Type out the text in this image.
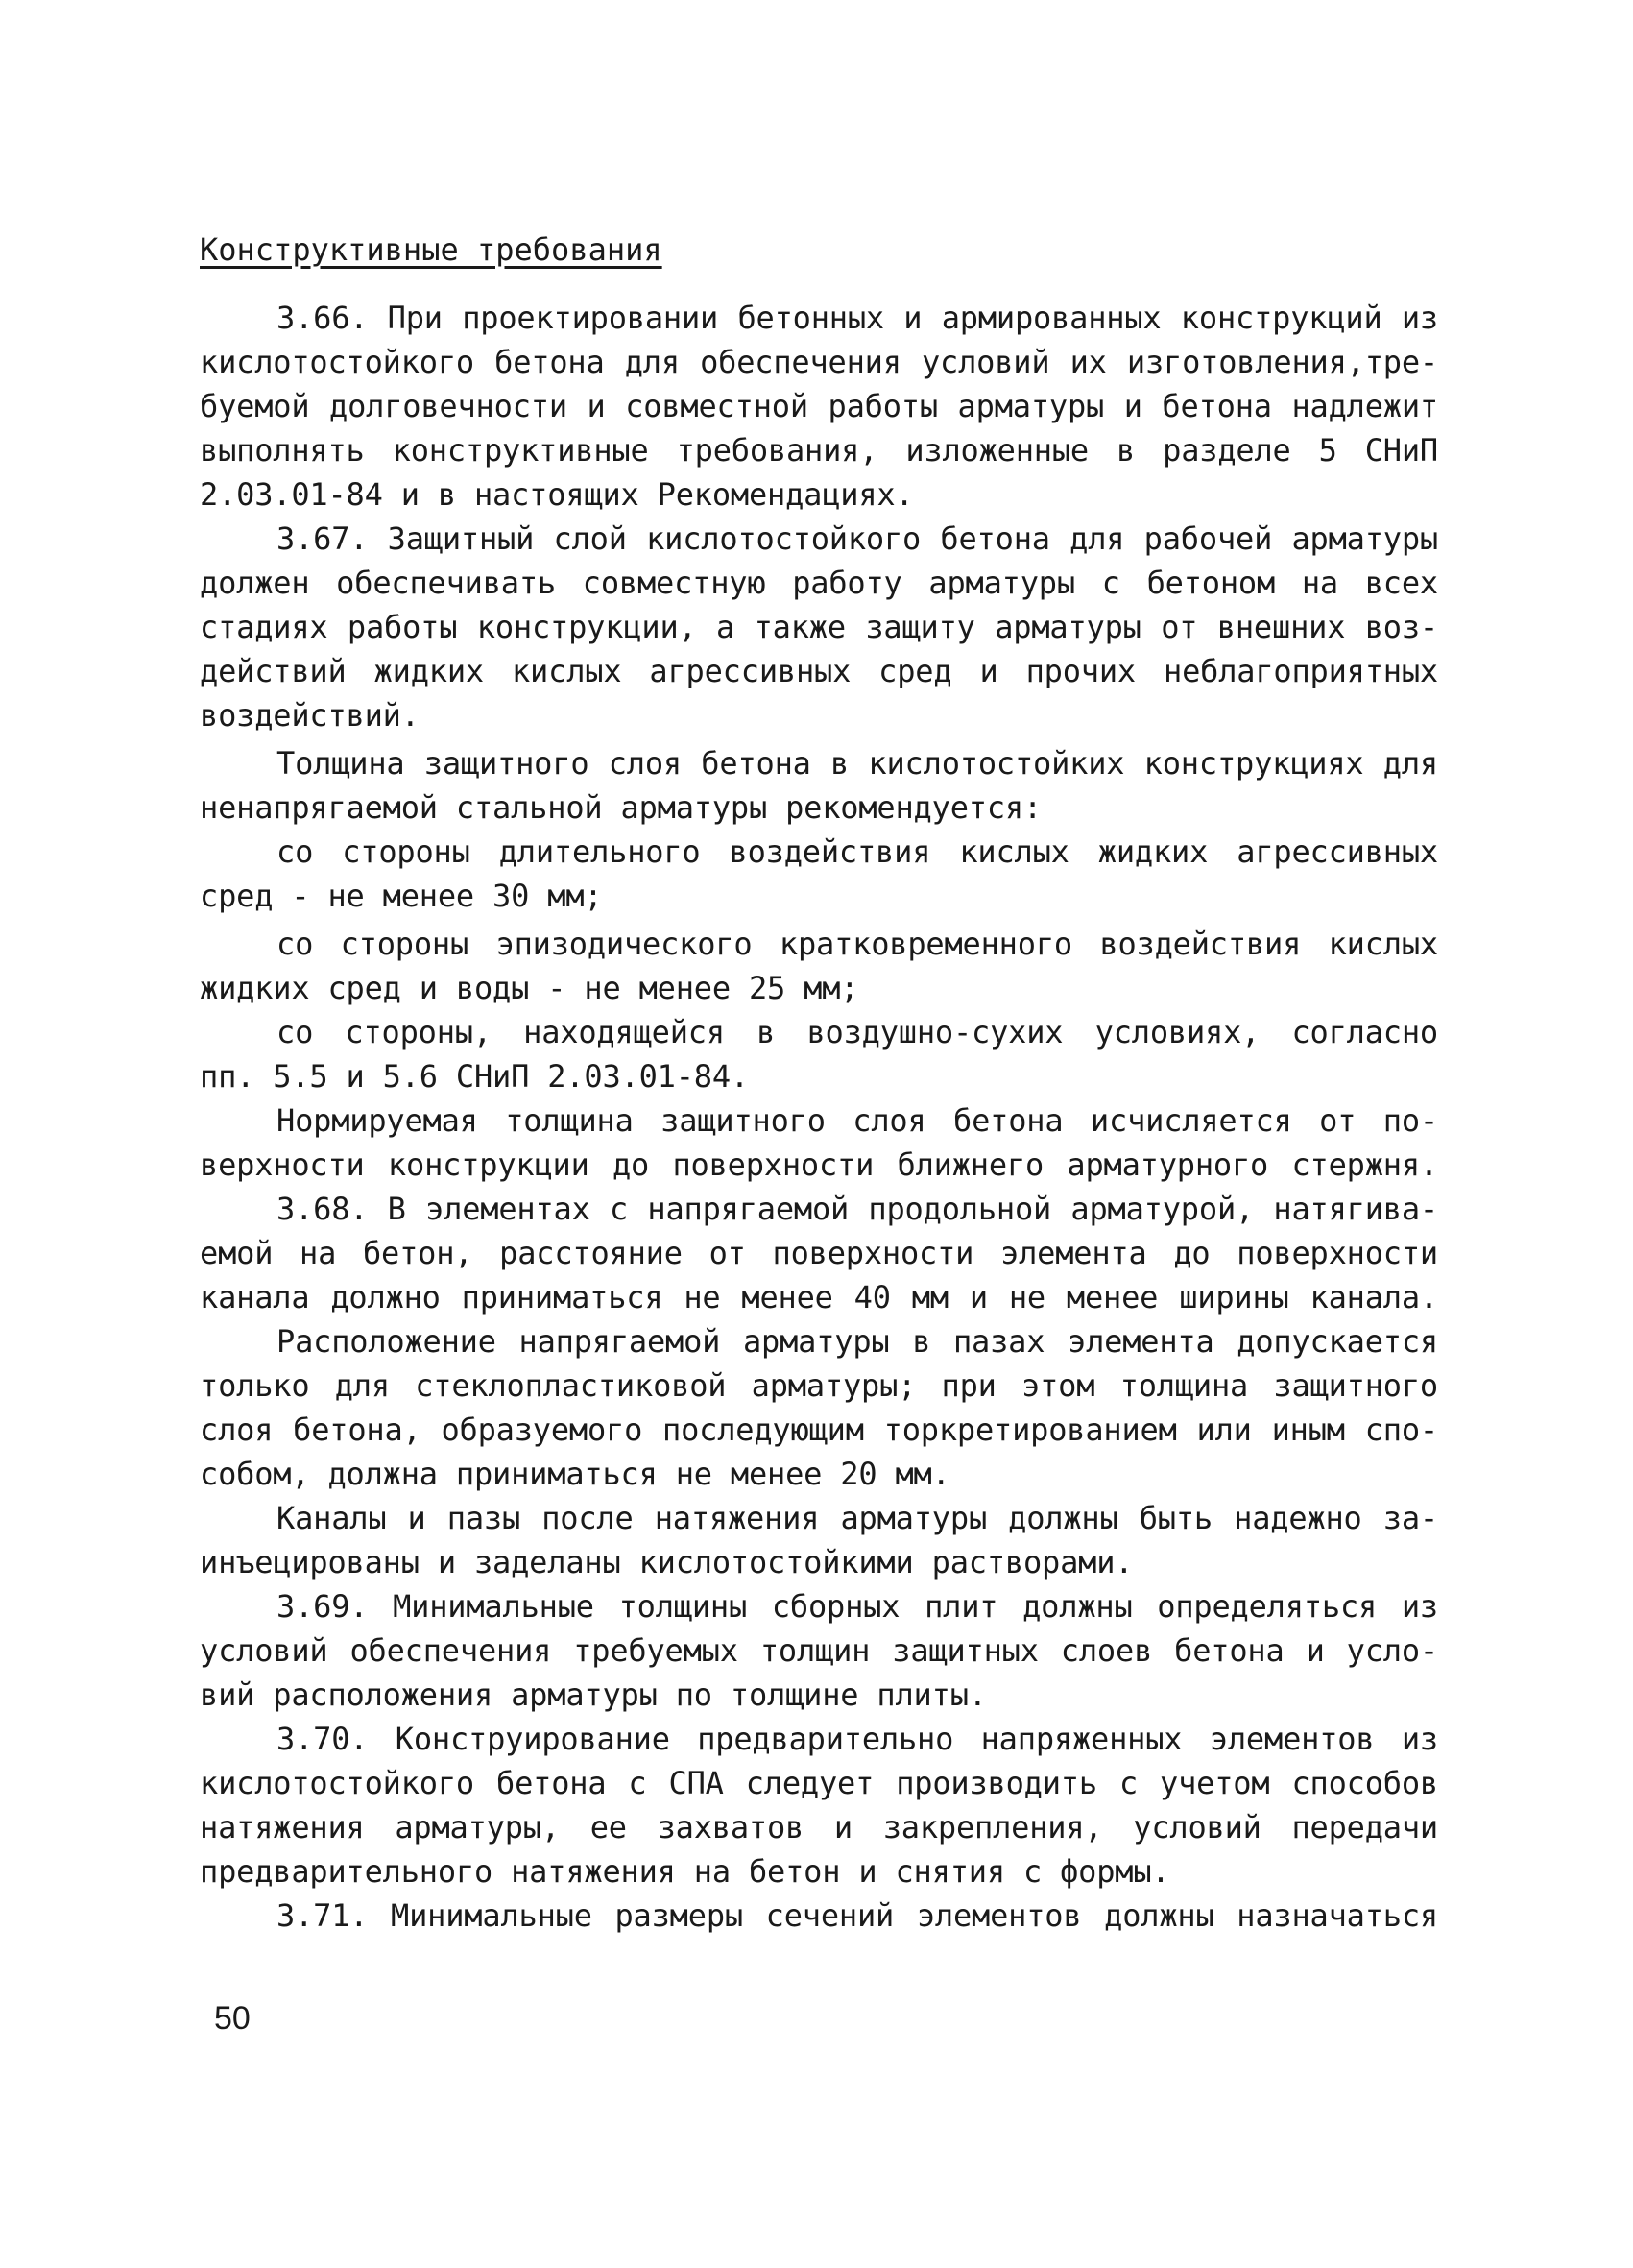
Конструктивные требования
3.66. При проектировании бетонных и армированных конструкций из
кислотостойкого бетона для обеспечения условий их изготовления,тре-
буемой долговечности и совместной работы арматуры и бетона надлежит
выполнять конструктивные требования, изложенные в разделе 5 СНиП
2.03.01-84 и в настоящих Рекомендациях.
3.67. Защитный слой кислотостойкого бетона для рабочей арматуры
должен обеспечивать совместную работу арматуры с бетоном на всех
стадиях работы конструкции, а также защиту арматуры от внешних воз-
действий жидких кислых агрессивных сред и прочих неблагоприятных
воздействий.
Толщина защитного слоя бетона в кислотостойких конструкциях для
ненапрягаемой стальной арматуры рекомендуется:
со стороны длительного воздействия кислых жидких агрессивных
сред - не менее 30 мм;
со стороны эпизодического кратковременного воздействия кислых
жидких сред и воды - не менее 25 мм;
со стороны, находящейся в воздушно-сухих условиях, согласно
пп. 5.5 и 5.6 СНиП 2.03.01-84.
Нормируемая толщина защитного слоя бетона исчисляется от по-
верхности конструкции до поверхности ближнего арматурного стержня.
3.68. В элементах с напрягаемой продольной арматурой, натягива-
емой на бетон, расстояние от поверхности элемента до поверхности
канала должно приниматься не менее 40 мм и не менее ширины канала.
Расположение напрягаемой арматуры в пазах элемента допускается
только для стеклопластиковой арматуры; при этом толщина защитного
слоя бетона, образуемого последующим торкретированием или иным спо-
собом, должна приниматься не менее 20 мм.
Каналы и пазы после натяжения арматуры должны быть надежно за-
инъецированы и заделаны кислотостойкими растворами.
3.69. Минимальные толщины сборных плит должны определяться из
условий обеспечения требуемых толщин защитных слоев бетона и усло-
вий расположения арматуры по толщине плиты.
3.70. Конструирование предварительно напряженных элементов из
кислотостойкого бетона с СПА следует производить с учетом способов
натяжения арматуры, ее захватов и закрепления, условий передачи
предварительного натяжения на бетон и снятия с формы.
3.71. Минимальные размеры сечений элементов должны назначаться
50
